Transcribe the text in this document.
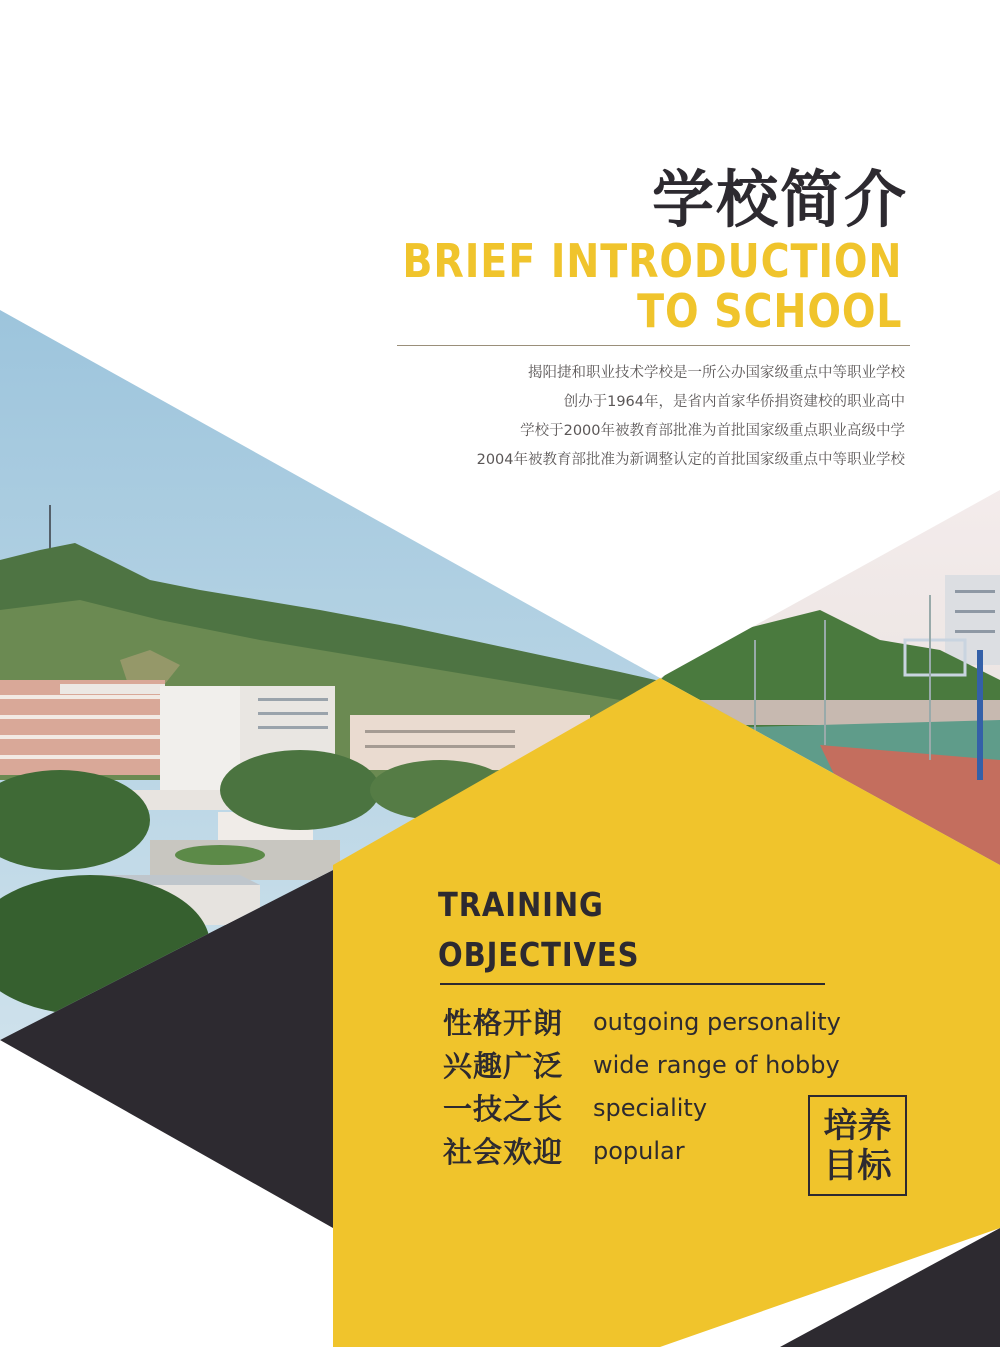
学校简介
BRIEF INTRODUCTION
TO SCHOOL
揭阳捷和职业技术学校是一所公办国家级重点中等职业学校
创办于1964年，是省内首家华侨捐资建校的职业高中
学校于2000年被教育部批准为首批国家级重点职业高级中学
2004年被教育部批准为新调整认定的首批国家级重点中等职业学校
TRAINING
OBJECTIVES
性格开朗	outgoing personality
兴趣广泛	wide range of hobby
一技之长	speciality
社会欢迎	popular
培养
目标
